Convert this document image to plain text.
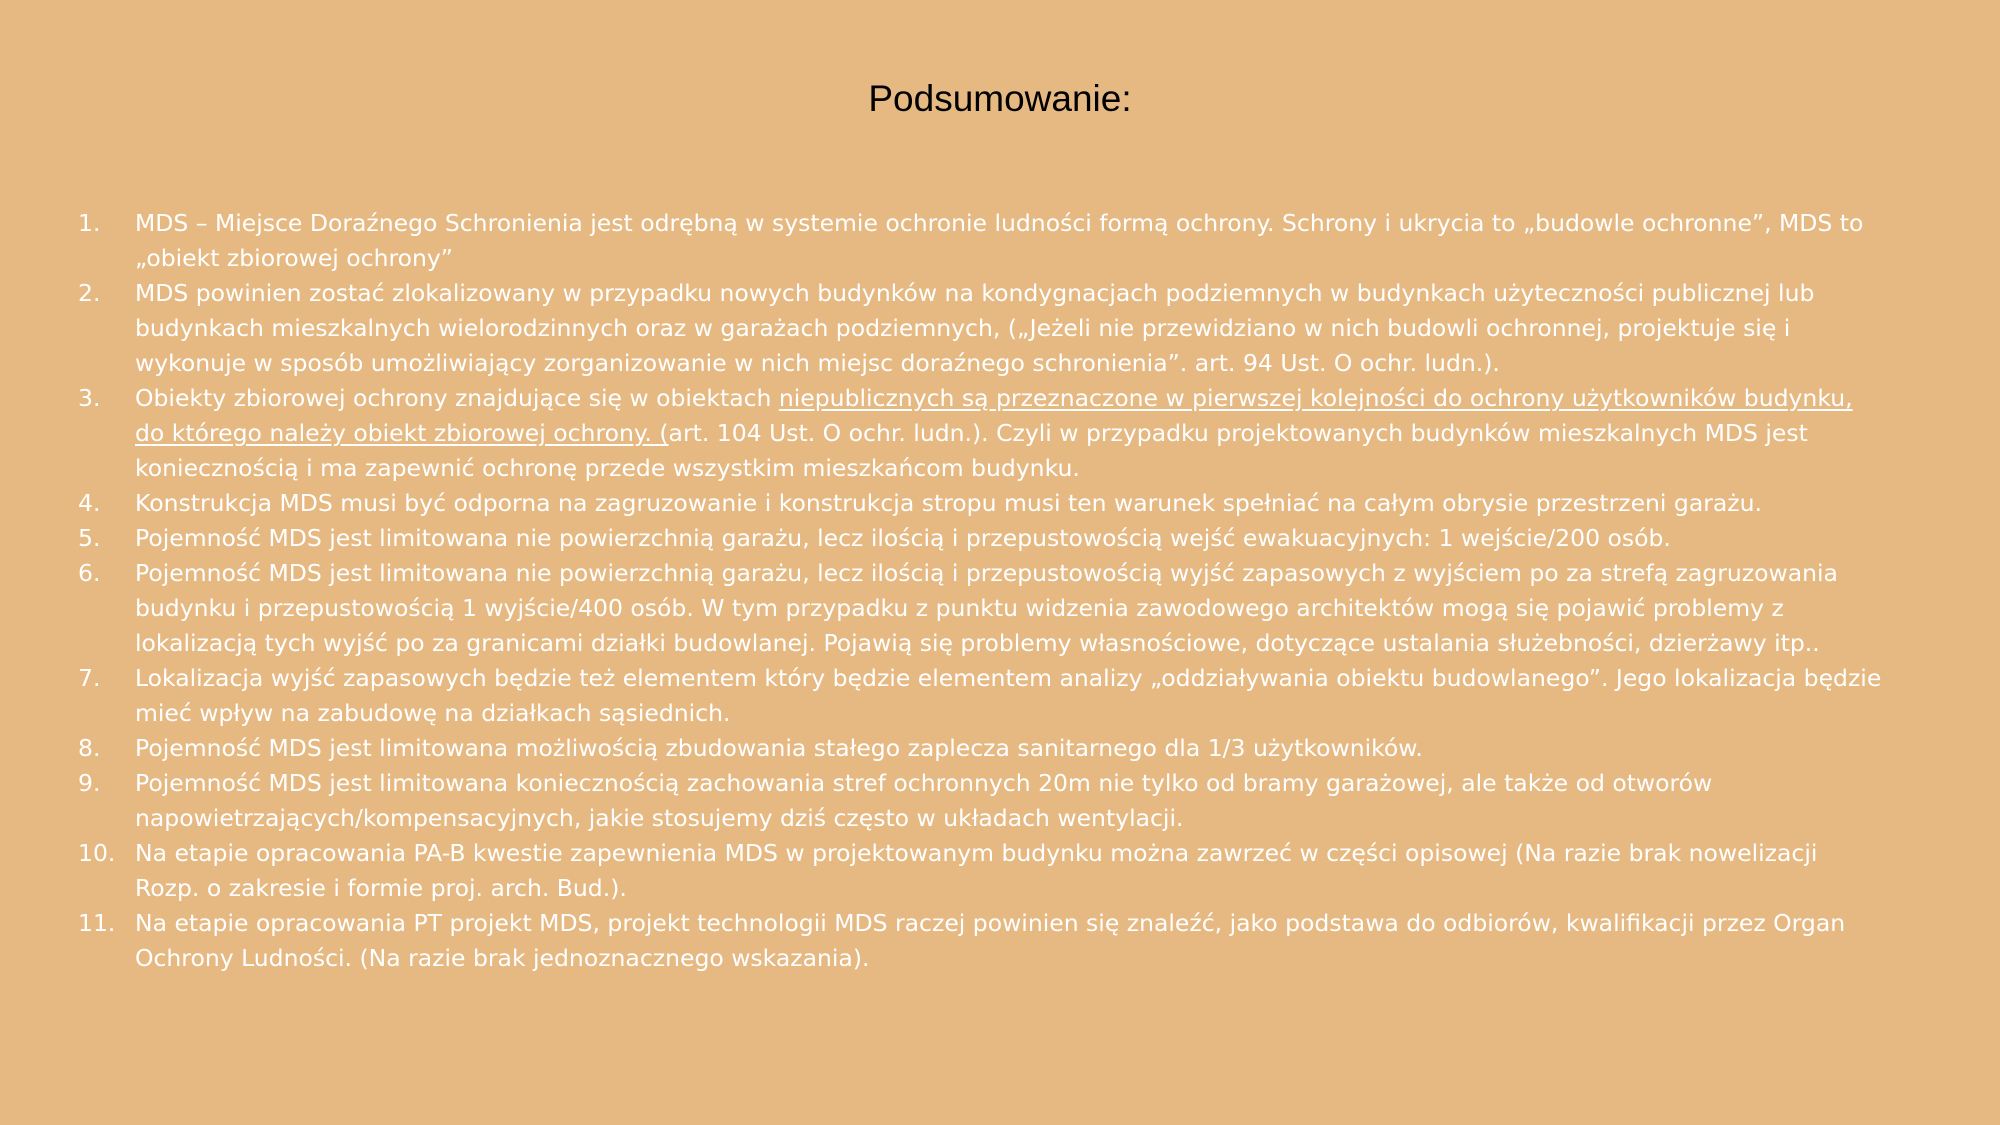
Podsumowanie:
1. MDS – Miejsce Doraźnego Schronienia jest odrębną w systemie ochronie ludności formą ochrony. Schrony i ukrycia to „budowle ochronne”, MDS to „obiekt zbiorowej ochrony”
2. MDS powinien zostać zlokalizowany w przypadku nowych budynków na kondygnacjach podziemnych w budynkach użyteczności publicznej lub budynkach mieszkalnych wielorodzinnych oraz w garażach podziemnych, („Jeżeli nie przewidziano w nich budowli ochronnej, projektuje się i wykonuje w sposób umożliwiający zorganizowanie w nich miejsc doraźnego schronienia”. art. 94 Ust. O ochr. ludn.).
3. Obiekty zbiorowej ochrony znajdujące się w obiektach niepublicznych są przeznaczone w pierwszej kolejności do ochrony użytkowników budynku, do którego należy obiekt zbiorowej ochrony. (art. 104 Ust. O ochr. ludn.). Czyli w przypadku projektowanych budynków mieszkalnych MDS jest koniecznością i ma zapewnić ochronę przede wszystkim mieszkańcom budynku.
4. Konstrukcja MDS musi być odporna na zagruzowanie i konstrukcja stropu musi ten warunek spełniać na całym obrysie przestrzeni garażu.
5. Pojemność MDS jest limitowana nie powierzchnią garażu, lecz ilością i przepustowością wejść ewakuacyjnych: 1 wejście/200 osób.
6. Pojemność MDS jest limitowana nie powierzchnią garażu, lecz ilością i przepustowością wyjść zapasowych z wyjściem po za strefą zagruzowania budynku i przepustowością 1 wyjście/400 osób. W tym przypadku z punktu widzenia zawodowego architektów mogą się pojawić problemy z lokalizacją tych wyjść po za granicami działki budowlanej. Pojawią się problemy własnościowe, dotyczące ustalania służebności, dzierżawy itp..
7. Lokalizacja wyjść zapasowych będzie też elementem który będzie elementem analizy „oddziaływania obiektu budowlanego”. Jego lokalizacja będzie mieć wpływ na zabudowę na działkach sąsiednich.
8. Pojemność MDS jest limitowana możliwością zbudowania stałego zaplecza sanitarnego dla 1/3 użytkowników.
9. Pojemność MDS jest limitowana koniecznością zachowania stref ochronnych 20m nie tylko od bramy garażowej, ale także od otworów napowietrzających/kompensacyjnych, jakie stosujemy dziś często w układach wentylacji.
10. Na etapie opracowania PA-B kwestie zapewnienia MDS w projektowanym budynku można zawrzeć w części opisowej (Na razie brak nowelizacji Rozp. o zakresie i formie proj. arch. Bud.).
11. Na etapie opracowania PT projekt MDS, projekt technologii MDS raczej powinien się znaleźć, jako podstawa do odbiorów, kwalifikacji przez Organ Ochrony Ludności. (Na razie brak jednoznacznego wskazania).
